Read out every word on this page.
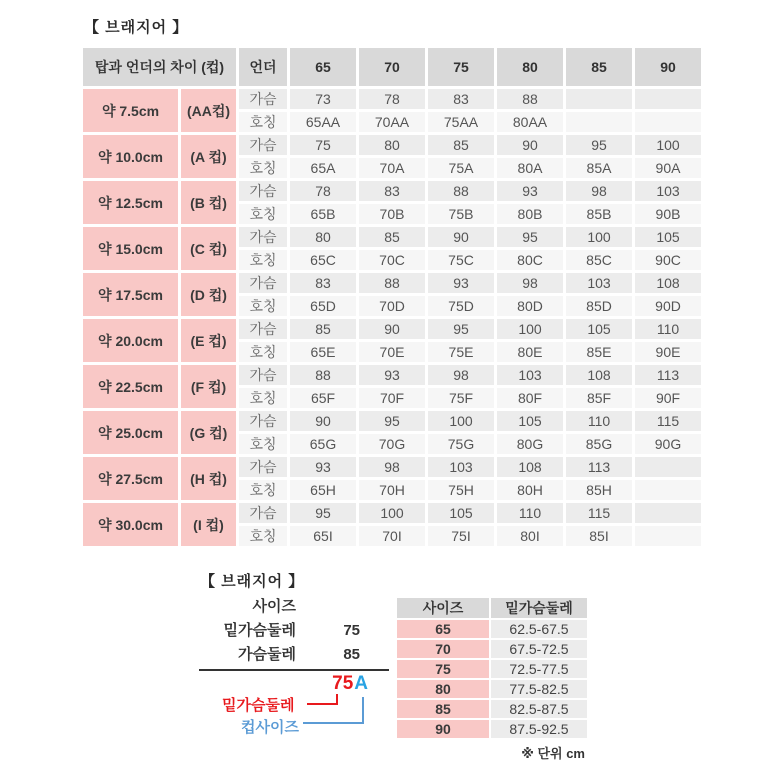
【 브래지어 】
탑과 언더의 차이 (컵)		언더	65	70	75	80	85	90
약 7.5cm	(AA컵)	가슴	73	78	83	88		
		호칭	65AA	70AA	75AA	80AA		
약 10.0cm	(A 컵)	가슴	75	80	85	90	95	100
		호칭	65A	70A	75A	80A	85A	90A
약 12.5cm	(B 컵)	가슴	78	83	88	93	98	103
		호칭	65B	70B	75B	80B	85B	90B
약 15.0cm	(C 컵)	가슴	80	85	90	95	100	105
		호칭	65C	70C	75C	80C	85C	90C
약 17.5cm	(D 컵)	가슴	83	88	93	98	103	108
		호칭	65D	70D	75D	80D	85D	90D
약 20.0cm	(E 컵)	가슴	85	90	95	100	105	110
		호칭	65E	70E	75E	80E	85E	90E
약 22.5cm	(F 컵)	가슴	88	93	98	103	108	113
		호칭	65F	70F	75F	80F	85F	90F
약 25.0cm	(G 컵)	가슴	90	95	100	105	110	115
		호칭	65G	70G	75G	80G	85G	90G
약 27.5cm	(H 컵)	가슴	93	98	103	108	113	
		호칭	65H	70H	75H	80H	85H	
약 30.0cm	(I 컵)	가슴	95	100	105	110	115	
		호칭	65I	70I	75I	80I	85I	
【 브래지어 】
사이즈
밑가슴둘레	75
가슴둘레	85
75A
밑가슴둘레
컵사이즈
사이즈	밑가슴둘레
65	62.5-67.5
70	67.5-72.5
75	72.5-77.5
80	77.5-82.5
85	82.5-87.5
90	87.5-92.5
※ 단위 cm
